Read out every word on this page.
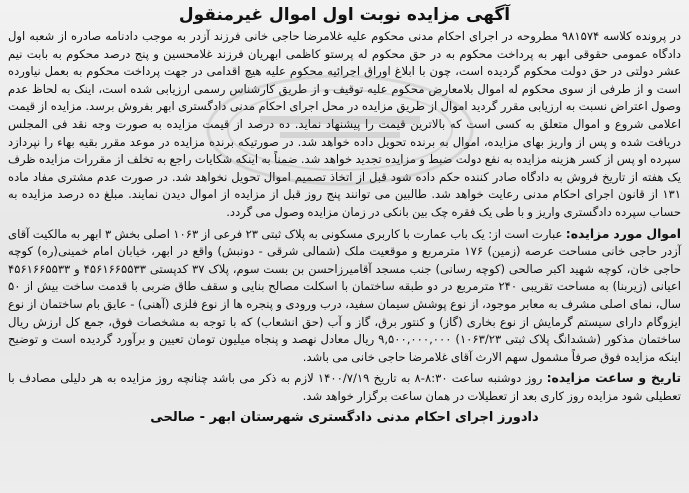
آگهی مزایده نوبت اول اموال غیرمنقول

در پرونده کلاسه ۹۸۱۵۷۴ مطروحه در اجرای احکام مدنی محکوم علیه غلامرضا حاجی خانی فرزند آزدر به موجب دادنامه صادره از شعبه اول دادگاه عمومی حقوقی ابهر به پرداخت محکوم به در حق محکوم له پرستو کاظمی ابهریان فرزند غلامحسین و پنج درصد محکوم به بابت نیم عشر دولتی در حق دولت محکوم گردیده است، چون با ابلاغ اوراق اجرائیه محکوم علیه هیچ اقدامی در جهت پرداخت محکوم به بعمل نیاورده است و از طرفی از سوی محکوم له اموال بلامعارض محکوم علیه توقیف و از طریق کارشناس رسمی ارزیابی شده است، اینک به لحاظ عدم وصول اعتراض نسبت به ارزیابی مقرر گردید اموال از طریق مزایده در محل اجرای احکام مدنی دادگستری ابهر بفروش برسد. مزایده از قیمت اعلامی شروع و اموال متعلق به کسی است که بالاترین قیمت را پیشنهاد نماید. ده درصد از قیمت مزایده به صورت وجه نقد فی المجلس دریافت شده و پس از واریز بهای مزایده، اموال به برنده تحویل داده خواهد شد. در صورتیکه برنده مزایده در موعد مقرر بقیه بهاء را نپردازد سپرده او پس از کسر هزینه مزایده به نفع دولت ضبط و مزایده تجدید خواهد شد. ضمناً به اینکه شکایات راجع به تخلف از مقررات مزایده ظرف یک هفته از تاریخ فروش به دادگاه صادر کننده حکم داده شود قبل از اتخاذ تصمیم اموال تحویل نخواهد شد. در صورت عدم مشتری مفاد ماده ۱۳۱ از قانون اجرای احکام مدنی رعایت خواهد شد. طالبین می توانند پنج روز قبل از مزایده از اموال دیدن نمایند. مبلغ ده درصد مزایده به حساب سپرده دادگستری واریز و با طی یک فقره چک بین بانکی در زمان مزایده وصول می گردد.

اموال مورد مزایده: عبارت است از: یک باب عمارت با کاربری مسکونی به پلاک ثبتی ۲۳ فرعی از ۱۰۶۳ اصلی بخش ۳ ابهر به مالکیت آقای آزدر حاجی خانی مساحت عرصه (زمین) ۱۷۶ مترمربع و موقعیت ملک (شمالی شرقی - دونبش) واقع در ابهر، خیابان امام خمینی(ره) کوچه حاجی خان، کوچه شهید اکبر صالحی (کوچه رسانی) جنب مسجد آقامیرزاحسن بن بست سوم، پلاک ۳۷ کدپستی ۴۵۶۱۶۶۵۵۳۳ و ۴۵۶۱۶۶۵۵۳۳ اعیانی (زیربنا) به مساحت تقریبی ۲۴۰ مترمربع در دو طبقه ساختمان با اسکلت مصالح بنایی و سقف طاق ضربی با قدمت ساخت بیش از ۵۰ سال، نمای اصلی مشرف به معابر موجود، از نوع پوشش سیمان سفید، درب ورودی و پنجره ها از نوع فلزی (آهنی) - عایق بام ساختمان از نوع ایزوگام دارای سیستم گرمایش از نوع بخاری (گاز) و کنتور برق، گاز و آب (حق انشعاب) که با توجه به مشخصات فوق، جمع کل ارزش ریال ساختمان مذکور (ششدانگ پلاک ثبتی ۱۰۶۳/۲۳) ۹,۵۰۰,۰۰۰,۰۰۰ ریال معادل نهصد و پنجاه میلیون تومان تعیین و برآورد گردیده است و توضیح اینکه مزایده فوق صرفاً مشمول سهم الارث آقای غلامرضا حاجی خانی می باشد.

تاریخ و ساعت مزایده: روز دوشنبه ساعت ۸:۳۰-۸ به تاریخ ۱۴۰۰/۷/۱۹ لازم به ذکر می باشد چنانچه روز مزایده به هر دلیلی مصادف با تعطیلی شود مزایده روز کاری بعد از تعطیلات در همان ساعت برگزار خواهد شد.

دادورز اجرای احکام مدنی دادگستری شهرستان ابهر - صالحی
